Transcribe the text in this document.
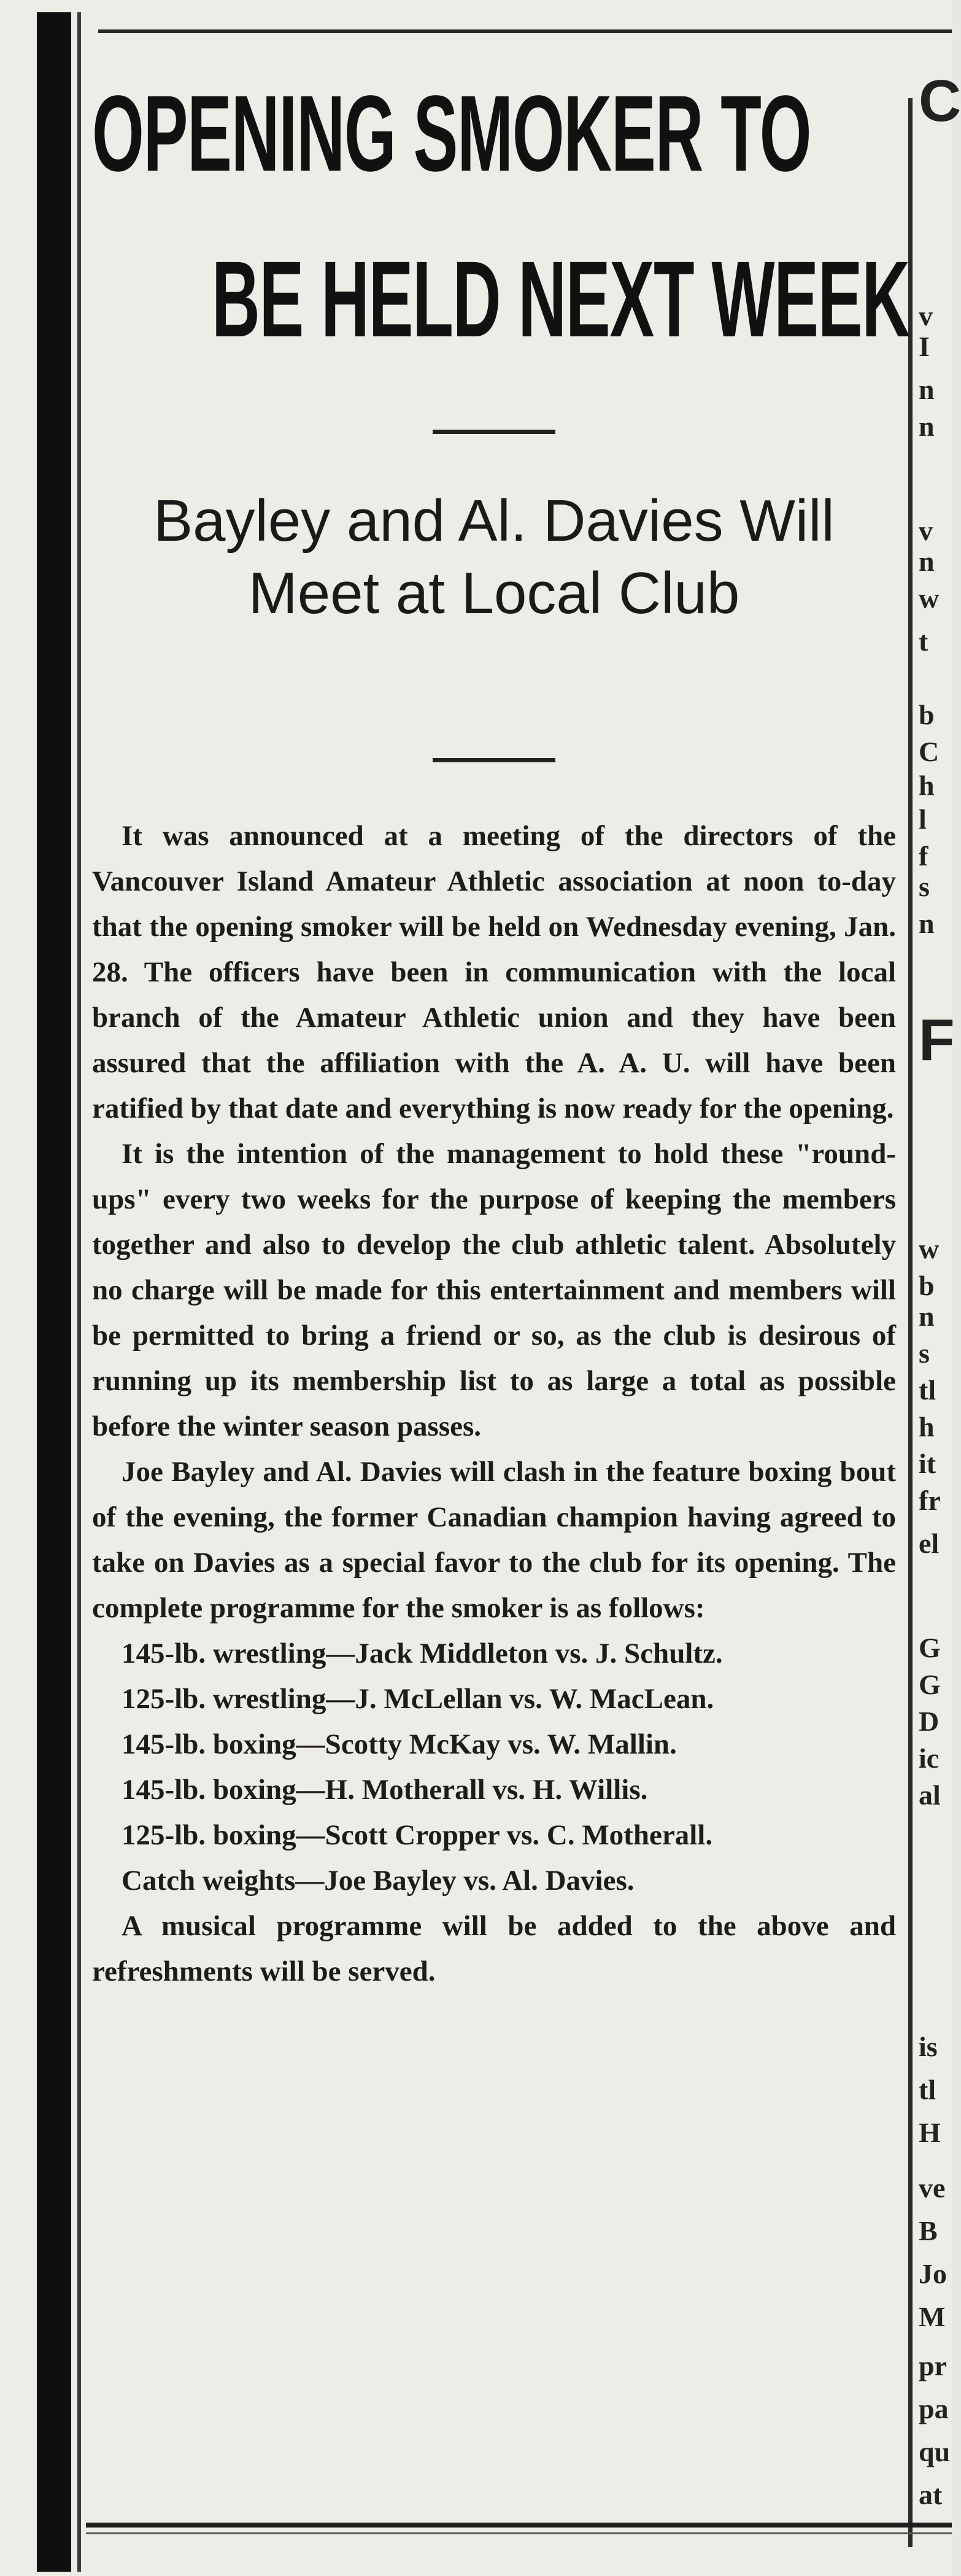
OPENING SMOKER TO
BE HELD NEXT WEEK
Bayley and Al. Davies Will Meet at Local Club

It was announced at a meeting of the directors of the Vancouver Island Amateur Athletic association at noon to-day that the opening smoker will be held on Wednesday evening, Jan. 28. The officers have been in communication with the local branch of the Amateur Athletic union and they have been assured that the affiliation with the A. A. U. will have been ratified by that date and everything is now ready for the opening.

It is the intention of the management to hold these "round-ups" every two weeks for the purpose of keeping the members together and also to develop the club athletic talent. Absolutely no charge will be made for this entertainment and members will be permitted to bring a friend or so, as the club is desirous of running up its membership list to as large a total as possible before the winter season passes.

Joe Bayley and Al. Davies will clash in the feature boxing bout of the evening, the former Canadian champion having agreed to take on Davies as a special favor to the club for its opening. The complete programme for the smoker is as follows:

145-lb. wrestling—Jack Middleton vs. J. Schultz.
125-lb. wrestling—J. McLellan vs. W. MacLean.
145-lb. boxing—Scotty McKay vs. W. Mallin.
145-lb. boxing—H. Motherall vs. H. Willis.
125-lb. boxing—Scott Cropper vs. C. Motherall.
Catch weights—Joe Bayley vs. Al. Davies.

A musical programme will be added to the above and refreshments will be served.

C
v
I
n
n
v
n
w
t
b
C
h
l
f
s
n
F
w
b
n
s
tl
h
it
fr
el
G
G
D
ic
al
is
tl
H
ve
B
Jo
M
pr
pa
qu
at
